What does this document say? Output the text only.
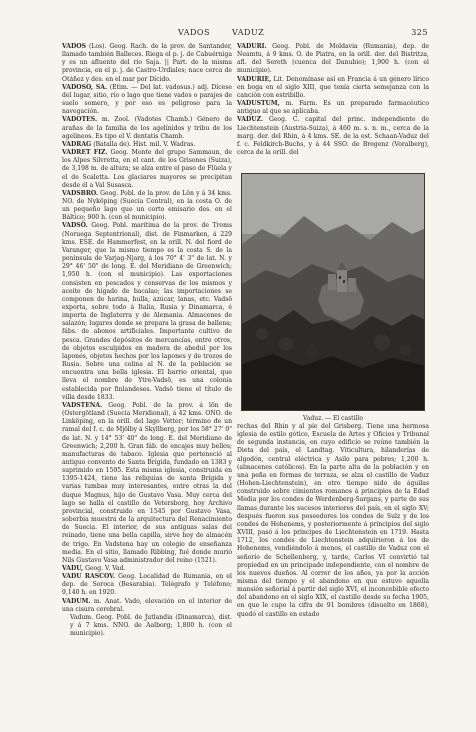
VADOS	VADUZ	325

VADOS (Los). Geog. Rach. de la prov. de Santander, llamado también Balleces. Riega el p. j. de Cabuérniga y es un afluente del río Saja. || Part. de la misma provincia, en el p. j. de Castro-Urdiales; nace cerca de Otáñez y des. en el mar por Dícido.

VADOSO, SA. (Etim. — Del lat. vadosus.) adj. Dícese del lugar, sitio, río o lago que tiene vados o parajes de suelo somero, y por eso es peligroso para la navegación.

VADOTES. m. Zool. (Vadotes Chamb.) Género de arañas de la familia de los agelínidos y tribu de los agelíneos. Es tipo el V. dentatis Chamb.

VADRAG (Batalla de). Hist. mil. V. Wadras.

VADRET FIZ. Geog. Monte del grupo Sammaun, de los Alpes Silvretta, en el cant. de los Grisones (Suiza), de 3,198 m. de altura; se alza entre el paso de Flüela y el de Scaletta. Los glaciares mayores se precipitan desde él a Val Susasca.

VADSBRO. Geog. Pobl. de la prov. de Lön y á 34 kms. NO. de Nyköping (Suecia Central), en la costa O. de un pequeño lago que un corto emisario des. en el Báltico; 900 h. (con el municipio).

VADSÖ. Geog. Pobl. marítima de la prov. de Troms (Noruega Septentrional), dist. de Finmarken, á 229 kms. ESE. de Hammerfest, en la orill. N. del fiord de Varanger, que la mismo tiempo es la costa S. de la península de Varjag-Njarg, á los 70° 4' 3" de lat. N. y 29° 46' 50" de long. E. del Meridiano de Greenwich; 1,950 h. (con el municipio). Las exportaciones consisten en pescados y conservas de los mismos y aceite de hígado de bacalao; las importaciones se componen de harina, hulla, azúcar, lanas, etc. Vadsö exporta, sobre todo á Italia, Rusia y Dinamarca, é importa de Inglaterra y de Alemania. Almacenes de salazón; lugares donde se prepara la grasa de ballena; fábs. de abonos artificiales. Importante cultivo de pesca. Grandes depósitos de mercancías, entre otros, de objetos esculpidos en madera de abedul por los lapones, objetos hechos por los lapones y de trozos de Rusia. Sobre una colina al N. de la población se encuentra una bella iglesia. El barrio oriental, que lleva el nombre de Ytre-Vadsö, es una colonia establecida por finlandeses. Vadsö tiene el título de villa desde 1833.

VADSTENA. Geog. Pobl. de la prov. á lön de (Ostergötland (Suecia Meridional), á 42 kms. ONO. de Linköping, en la orill. del lago Vetter; término de un ramal del f. c. de Mjölby á Skyllberg, por los 58° 27' 0" de lat. N. y 14° 53' 40" de long. E. del Meridiano de Greenwich; 2,200 h. Gran fáb. de encajes muy bellos; manufacturas de tabaco. Iglesia que perteneció al antiguo convento de Santa Brígida, fundado en 1383 y suprimido en 1595. Esta misma iglesia, construida en 1395-1424, tiene las reliquias de santa Brígida y varias tumbas muy interesantes, entre otras la del duque Magnus, hijo de Gustavo Vasa. Muy cerca del lago se halla el castillo de Vetersborg, hoy Archivo provincial, construido en 1545 por Gustavo Vasa, soberbia muestra de la arquitectura del Renacimiento de Suecia. El interior, de sus antiguas salas del reinado, tiene una bella capilla, sirve hoy de almacén de trigo. En Vadstena hay un colegio de enseñanza media. En el sitio, llamado Ribbing, fué donde murió Nils Gustavo Vasa administrador del reino (1521).

VADU, Geog. V. Vad.

VADU RASCOV. Geog. Localidad de Rumania, en el dep. de Soroca (Besarabia). Telégrafo y Teléfono; 9,140 h. en 1920.

VADUM. m. Anat. Vado, elevación en el interior de una cisura cerebral.

Vadum. Geog. Pobl. de Jutlandia (Dinamarca), dist. y á 7 kms. NNO. de Aalborg; 1,800 h. (con el municipio).

VADURI. Geog. Pobl. de Moldavia (Rumania), dep. de Neamtu, á 9 kms. O. de Piatra, en la orill. der. del Bistritza, afl. del Sereth (cuenca del Danubio); 1,900 h. (con el municipio).

VADURIE, Lit. Denomínase así en Francia á un género lírico en boga en el siglo XIII, que tenía cierta semejanza con la canción con estribillo.

VADUSTUM, m. Farm. Es un preparado farmacéutico antiguo al que se aplicaba.

VADUZ. Geog. C. capital del princ. independiente de Liechtenstein (Austria-Suiza), á 460 m. s. n. m., cerca de la marg. der. del Rhin, á 4 kms. SE. de la est. Schaan-Vaduz del f. c. Feldkirch-Buchs, y á 44 SSO. de Bregenz (Voralberg), cerca de la orill. del

Vaduz. — El castillo

rechas del Rhin y al pie del Grisberg. Tiene una hermosa iglesia de estilo gótico, Escuela de Artes y Oficios y Tribunal de segunda instancia, en cuyo edificio se reúne también la Dieta del país, el Landtag. Viticultura, hilanderías de algodón, central eléctrica y Asilo para pobres; 1,200 h. (almacenes católicos). En la parte alta de la población y en una peña en formas de terraza, se alza el castillo de Vaduz (Hohen-Liechtenstein), en otro tiempo nido de águilas construido sobre cimientos romanos á principios de la Edad Media por los condes de Werdenberg-Sargans, y parte de sus llamas durante los sucesos interiores del país, en el siglo XV; después fueron sus poseedores los condes de Sulz y de los condes de Hohenems, y posteriormente á principios del siglo XVIII, pasó á los príncipes de Liechtenstein en 1719. Hasta 1712, los condes de Liechtenstein adquirieron á los de Hohenems, vendiéndolo á menos, el castillo de Vaduz con el señorío de Schellenberg, y, tarde, Carlos VI convirtió tal propiedad en un principado independiente, con el nombre de los nuevos dueños. Al correr de los años, ya por la acción misma del tiempo y el abandono en que estuvo aquella mansión señorial á partir del siglo XVI, el inconcebible efecto del abandono en el siglo XIX, el castillo desde su fecha 1905, en que le cupo la cifra de 91 bombres (disuelto en 1868), quedó el castillo en estado
